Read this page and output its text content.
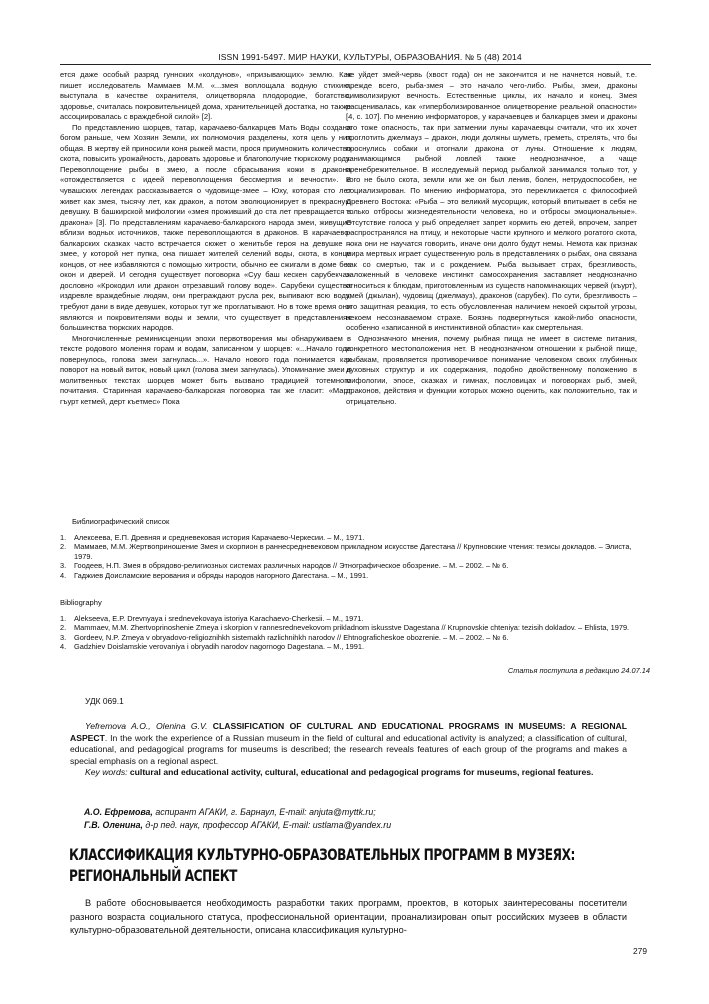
ISSN 1991-5497. МИР НАУКИ, КУЛЬТУРЫ, ОБРАЗОВАНИЯ. № 5 (48) 2014

ется даже особый разряд гуннских «колдунов», «призывающих» землю. Как пишет исследователь Маммаев М.М. «...змея воплощала водную стихию, выступала в качестве охранителя, олицетворяла плодородие, богатство, здоровье, считалась покровительницей дома, хранительницей достатка, но также ассоциировалась с враждебной силой» [2].

По представлению шорцев, татар, карачаево-балкарцев Мать Воды создана богом раньше, чем Хозяин Земли, их полномочия разделены, хотя цель у них общая. В жертву ей приносили коня рыжей масти, прося приумножить количество скота, повысить урожайность, даровать здоровье и благополучие тюркскому роду. Перевоплощение рыбы в змею, а после сбрасывания кожи в дракона «отождествляется с идеей перевоплощения бессмертия и вечности». В чувашских легендах рассказывается о чудовище-змее – Юху, которая сто лет живет как змея, тысячу лет, как дракон, а потом эволюционирует в прекрасную девушку. В башкирской мифологии «змея проживший до ста лет превращается в дракона» [3]. По представлениям карачаево-балкарского народа змеи, живущие вблизи водных источников, также перевоплощаются в драконов. В карачаево-балкарских сказках часто встречается сюжет о женитьбе героя на девушке – змее, у которой нет пупка, она пишает жителей селений воды, скота, в конце концов, от нее избавляются с помощью хитрости, обычно ее сжигали в доме без окон и дверей. И сегодня существует поговорка «Суу баш кескен сарубекча» дословно «Крокодил или дракон отрезавший голову воде». Сарубеки существа издревле враждебные людям, они преграждают русла рек, выпивают всю воду, требуют дани в виде девушек, которых тут же проглатывают. Но в тоже время они являются и покровителями воды и земли, что существует в представлениях большинства тюркских народов.

Многочисленные реминисценции эпохи первотворения мы обнаруживаем в тексте родового молення горам и водам, записанном у шорцев: «...Начало года повернулось, голова змеи загнулась...». Начало нового года понимается как поворот на новый виток, новый цикл (голова змеи загнулась). Упоминание змеи в молитвенных текстах шорцев может быть вызвано традицией тотемного почитания. Старинная карачаево-балкарская поговорка так же гласит: «Март гъурт кетмей, дерт къетмес» Пока

не уйдет змей-червь (хвост года) он не закончится и не начнется новый, т.е. прежде всего, рыба-змея – это начало чего-либо. Рыбы, змеи, драконы символизируют вечность. Естественные циклы, их начало и конец. Змея расценивалась, как «гиперболизированное олицетворение реальной опасности» [4, с. 107]. По мнению информаторов, у карачаевцев и балкарцев змеи и драконы это тоже опасность, так при затмении луны карачаевцы считали, что их хочет проглотить джелмауз – дракон, люди должны шуметь, греметь, стрелять, что бы проснулись собаки и отогнали дракона от луны. Отношение к людям, занимающимся рыбной ловлей также неоднозначное, а чаще пренебрежительное. В исследуемый период рыбалкой занимался только тот, у кого не было скота, земли или же он был ленив, болен, нетрудоспособен, не социализирован. По мнению информатора, это перекликается с философией Древнего Востока: «Рыба – это великий мусорщик, который впитывает в себя не только отбросы жизнедеятельности человека, но и отбросы эмоциональные». Отсутствие голоса у рыб определяет запрет кормить ею детей, впрочем, запрет распространялся на птицу, и некоторые части крупного и мелкого рогатого скота, пока они не научатся говорить, иначе они долго будут немы. Немота как признак мира мертвых играет существенную роль в представлениях о рыбах, она связана как со смертью, так и с рождением. Рыба вызывает страх, брезгливость, заложенный в человеке инстинкт самосохранения заставляет неоднозначно относиться к блюдам, приготовленным из существ напоминающих червей (къурт), змей (джылан), чудовищ (джелмауз), драконов (сарубек). По сути, брезгливость – это защитная реакция, то есть обусловленная наличием некоей скрытой угрозы, некоем несознаваемом страхе. Боязнь подвергнуться какой-либо опасности, особенно «записанной в инстинктивной области» как смертельная.

Однозначного мнения, почему рыбная пища не имеет в системе питания, конкретного местоположения нет. В неоднозначном отношении к рыбной пище, рыбакам, проявляется противоречивое понимание человеком своих глубинных духовных структур и их содержания, подобно двойственному положению в мифологии, эпосе, сказках и гимнах, пословицах и поговорках рыб, змей, драконов, действия и функции которых можно оценить, как положительно, так и отрицательно.

Библиографический список
1.	Алексеева, Е.П. Древняя и средневековая история Карачаево-Черкесии. – М., 1971.
2.	Маммаев, М.М. Жертвоприношение Змея и скорпион в раннесредневековом прикладном искусстве Дагестана // Крупновские чтения: тезисы докладов. – Элиста, 1979.
3.	Гоодеев, Н.П. Змея в обрядово-религиозных системах различных народов // Этнографическое обозрение. – М. – 2002. – № 6.
4.	Гаджиев Доисламские верования и обряды народов нагорного Дагестана. – М., 1991.
Bibliography
1.	Alekseeva, E.P. Drevnyaya i srednevekovaya istoriya Karachaevo-Cherkesii. – M., 1971.
2.	Mammaev, M.M. Zhertvoprinoshenie Zmeya i skorpion v rannesrednevekovom prikladnom iskusstve Dagestana // Krupnovskie chteniya: tezisih dokladov. – Ehlista, 1979.
3.	Gordeev, N.P. Zmeya v obryadovo-religioznihkh sistemakh razlichnihkh narodov // Ehtnograficheskoe obozrenie. – M. – 2002. – № 6.
4.	Gadzhiev Doislamskie verovaniya i obryadih narodov nagornogo Dagestana. – M., 1991.
Статья поступила в редакцию 24.07.14
УДК 069.1

Yefremova A.O., Olenina G.V. CLASSIFICATION OF CULTURAL AND EDUCATIONAL PROGRAMS IN MUSEUMS: A REGIONAL ASPECT. In the work the experience of a Russian museum in the field of cultural and educational activity is analyzed; a classification of cultural, educational, and pedagogical programs for museums is described; the research reveals features of each group of the programs and makes a special emphasis on a regional aspect.

Key words: cultural and educational activity, cultural, educational and pedagogical programs for museums, regional features.

А.О. Ефремова, аспирант АГАКИ, г. Барнаул, E-mail: anjuta@myttk.ru;
Г.В. Оленина, д-р пед. наук, профессор АГАКИ, E-mail: ustlama@yandex.ru
КЛАССИФИКАЦИЯ КУЛЬТУРНО-ОБРАЗОВАТЕЛЬНЫХ ПРОГРАММ В МУЗЕЯХ:
РЕГИОНАЛЬНЫЙ АСПЕКТ

В работе обосновывается необходимость разработки таких программ, проектов, в которых заинтересованы посетители разного возраста социального статуса, профессиональной ориентации, проанализирован опыт российских музеев в области культурно-образовательной деятельности, описана классификация культурно-

279
